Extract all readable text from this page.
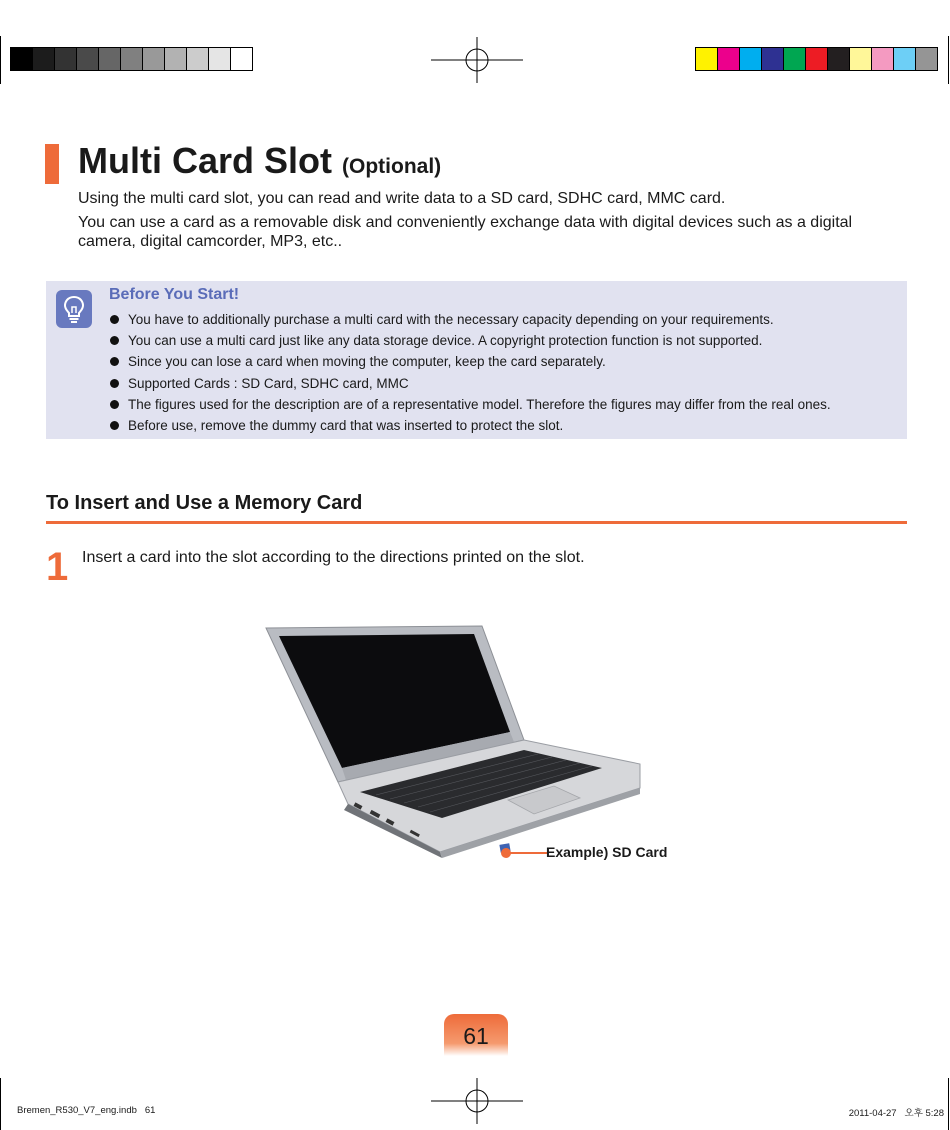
Multi Card Slot (Optional)

Using the multi card slot, you can read and write data to a SD card, SDHC card, MMC card.

You can use a card as a removable disk and conveniently exchange data with digital devices such as a digital camera, digital camcorder, MP3, etc..

Before You Start!
You have to additionally purchase a multi card with the necessary capacity depending on your requirements.
You can use a multi card just like any data storage device. A copyright protection function is not supported.
Since you can lose a card when moving the computer, keep the card separately.
Supported Cards : SD Card, SDHC card, MMC
The figures used for the description are of a representative model. Therefore the figures may differ from the real ones.
Before use, remove the dummy card that was inserted to protect the slot.
To Insert and Use a Memory Card

1 Insert a card into the slot according to the directions printed on the slot.

Example) SD Card

61

Bremen_R530_V7_eng.indb   61	2011-04-27   오후 5:28
